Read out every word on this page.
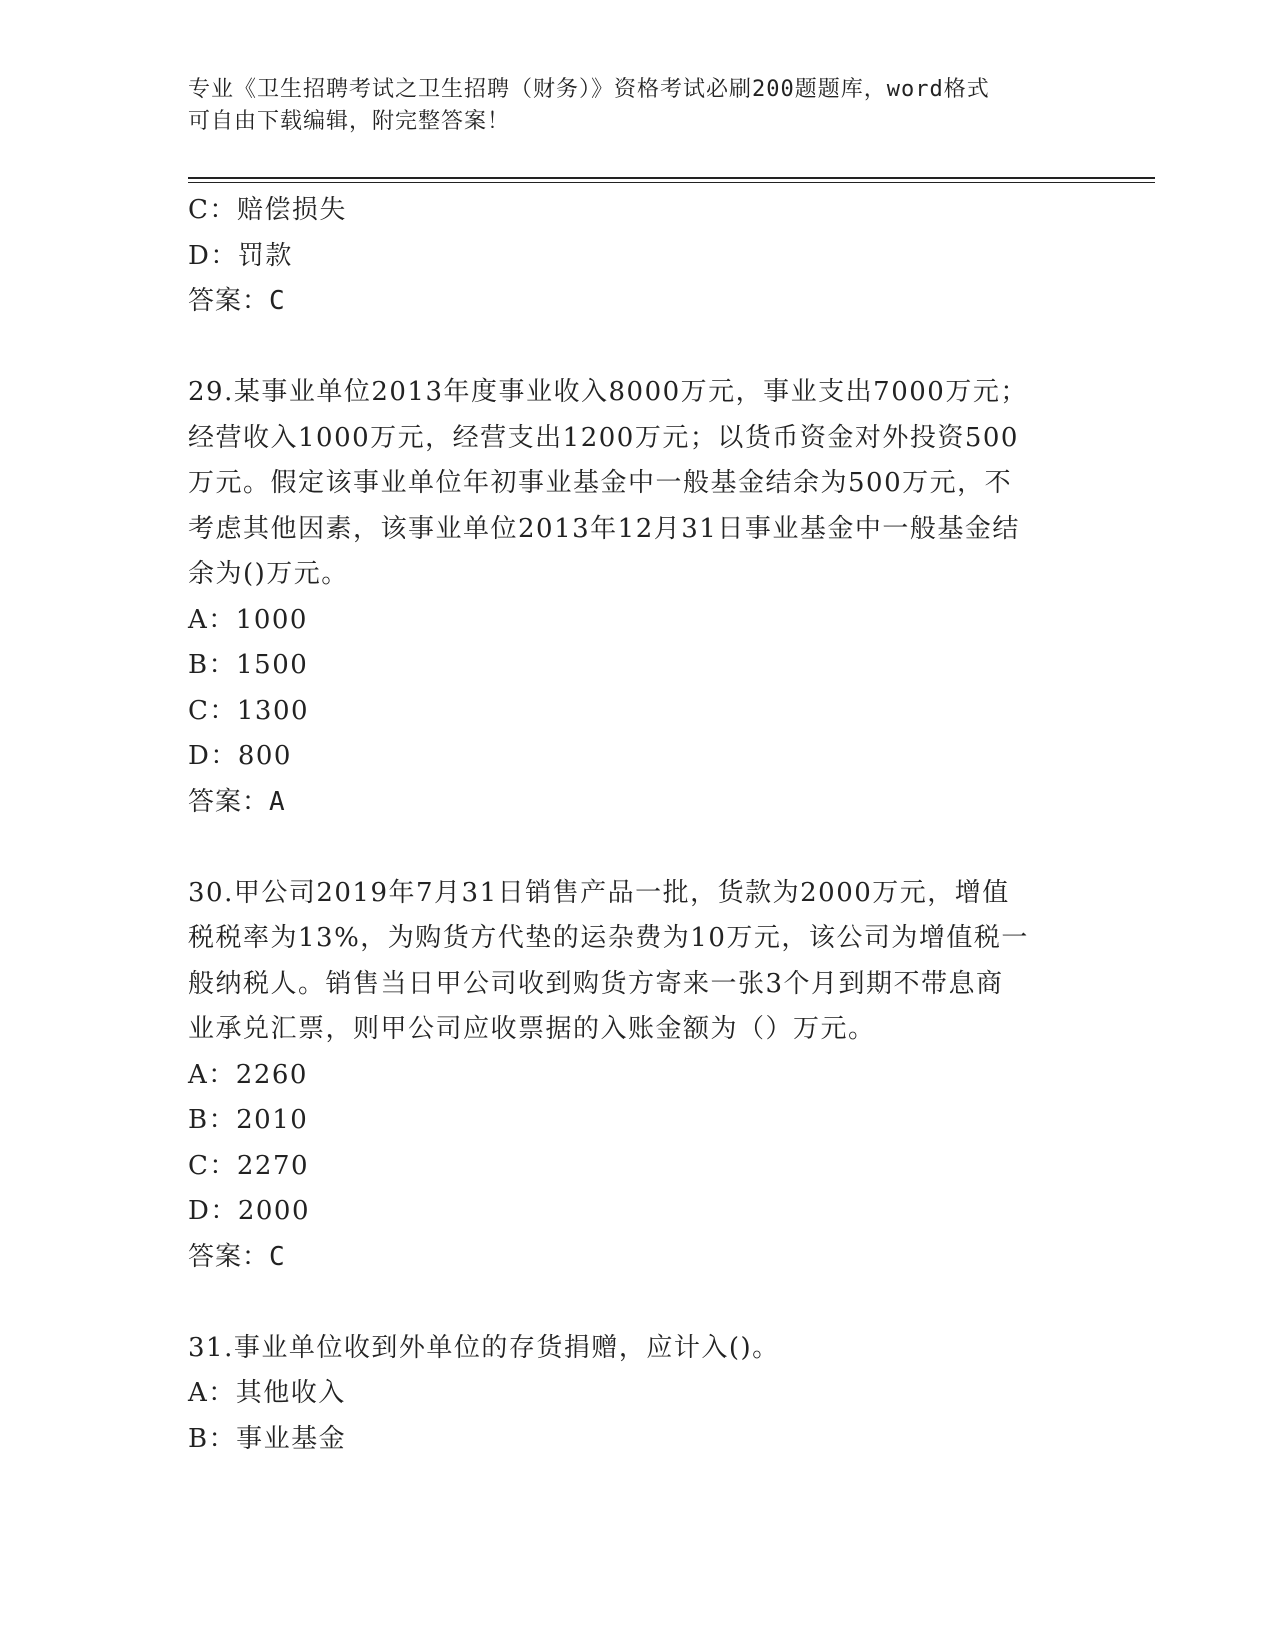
专业《卫生招聘考试之卫生招聘（财务）》资格考试必刷200题题库，word格式
可自由下载编辑，附完整答案！
C：赔偿损失
D：罚款
答案：C
29.某事业单位2013年度事业收入8000万元，事业支出7000万元；
经营收入1000万元，经营支出1200万元；以货币资金对外投资500
万元。假定该事业单位年初事业基金中一般基金结余为500万元，不
考虑其他因素，该事业单位2013年12月31日事业基金中一般基金结
余为()万元。
A：1000
B：1500
C：1300
D：800
答案：A
30.甲公司2019年7月31日销售产品一批，货款为2000万元，增值
税税率为13%，为购货方代垫的运杂费为10万元，该公司为增值税一
般纳税人。销售当日甲公司收到购货方寄来一张3个月到期不带息商
业承兑汇票，则甲公司应收票据的入账金额为（）万元。
A：2260
B：2010
C：2270
D：2000
答案：C
31.事业单位收到外单位的存货捐赠，应计入()。
A：其他收入
B：事业基金
